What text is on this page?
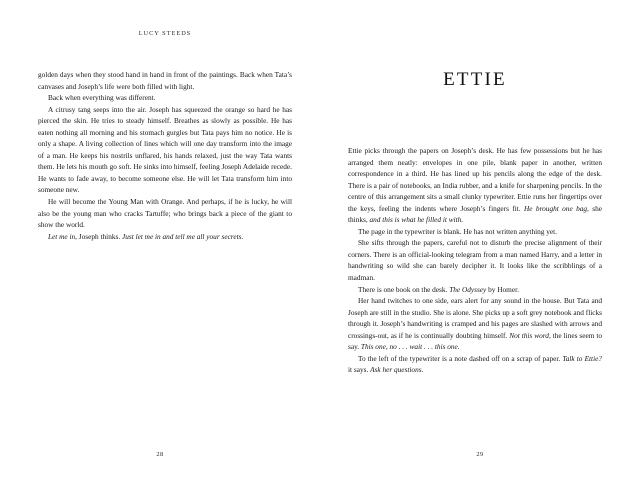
LUCY STEEDS

golden days when they stood hand in hand in front of the paintings. Back when Tata’s canvases and Joseph’s life were both filled with light.

Back when everything was different.

A citrusy tang seeps into the air. Joseph has squeezed the orange so hard he has pierced the skin. He tries to steady himself. Breathes as slowly as possible. He has eaten nothing all morning and his stomach gurgles but Tata pays him no notice. He is only a shape. A living collection of lines which will one day transform into the image of a man. He keeps his nostrils unflared, his hands relaxed, just the way Tata wants them. He lets his mouth go soft. He sinks into himself, feeling Joseph Adelaide recede. He wants to fade away, to become someone else. He will let Tata transform him into someone new.

He will become the Young Man with Orange. And perhaps, if he is lucky, he will also be the young man who cracks Tartuffe; who brings back a piece of the giant to show the world.

Let me in, Joseph thinks. Just let me in and tell me all your secrets.

28
ETTIE

Ettie picks through the papers on Joseph’s desk. He has few possessions but he has arranged them neatly: envelopes in one pile, blank paper in another, written correspondence in a third. He has lined up his pencils along the edge of the desk. There is a pair of notebooks, an India rubber, and a knife for sharpening pencils. In the centre of this arrangement sits a small clunky typewriter. Ettie runs her fingertips over the keys, feeling the indents where Joseph’s fingers fit. He brought one bag, she thinks, and this is what he filled it with.

The page in the typewriter is blank. He has not written anything yet.

She sifts through the papers, careful not to disturb the precise alignment of their corners. There is an official-looking telegram from a man named Harry, and a letter in handwriting so wild she can barely decipher it. It looks like the scribblings of a madman.

There is one book on the desk. The Odyssey by Homer.

Her hand twitches to one side, ears alert for any sound in the house. But Tata and Joseph are still in the studio. She is alone. She picks up a soft grey notebook and flicks through it. Joseph’s handwriting is cramped and his pages are slashed with arrows and crossings-out, as if he is continually doubting himself. Not this word, the lines seem to say. This one, no . . . wait . . . this one.

To the left of the typewriter is a note dashed off on a scrap of paper. Talk to Ettie? it says. Ask her questions.

29
